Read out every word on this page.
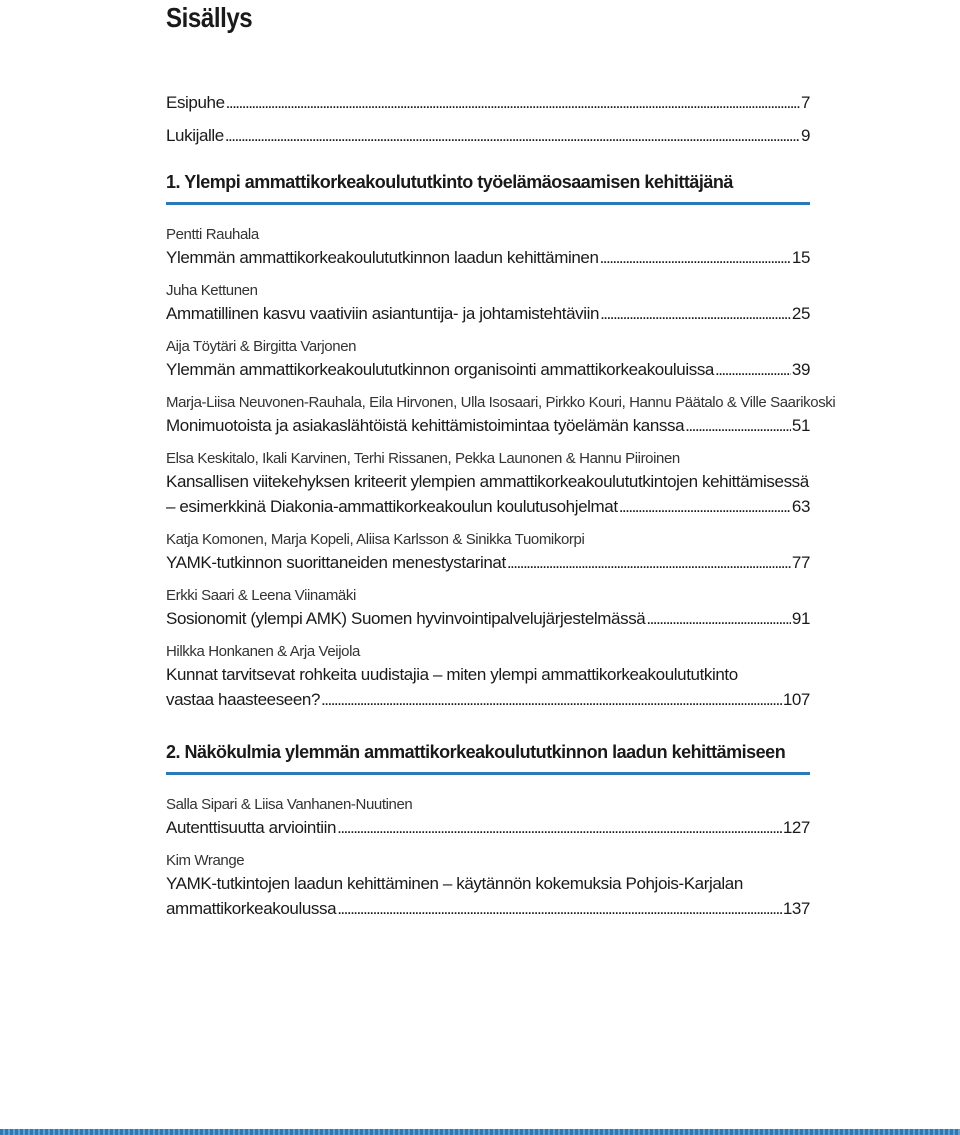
Sisällys
Esipuhe .....	7
Lukijalle .....	9
1. Ylempi ammattikorkeakoulututkinto työelämäosaamisen kehittäjänä
Pentti Rauhala
Ylemmän ammattikorkeakoulututkinnon laadun kehittäminen .....	15
Juha Kettunen
Ammatillinen kasvu vaativiin asiantuntija- ja johtamistehtäviin .....	25
Aija Töytäri & Birgitta Varjonen
Ylemmän ammattikorkeakoulututkinnon organisointi ammattikorkeakouluissa .....	39
Marja-Liisa Neuvonen-Rauhala, Eila Hirvonen, Ulla Isosaari, Pirkko Kouri, Hannu Päätalo & Ville Saarikoski
Monimuotoista ja asiakaslähtöistä kehittämistoimintaa työelämän kanssa .....	51
Elsa Keskitalo, Ikali Karvinen, Terhi Rissanen, Pekka Launonen & Hannu Piiroinen
Kansallisen viitekehyksen kriteerit ylempien ammattikorkeakoulututkintojen kehittämisessä
– esimerkkinä Diakonia-ammattikorkeakoulun koulutusohjelmat .....	63
Katja Komonen, Marja Kopeli, Aliisa Karlsson & Sinikka Tuomikorpi
YAMK-tutkinnon suorittaneiden menestystarinat .....	77
Erkki Saari & Leena Viinamäki
Sosionomit (ylempi AMK) Suomen hyvinvointipalvelujärjestelmässä .....	91
Hilkka Honkanen & Arja Veijola
Kunnat tarvitsevat rohkeita uudistajia – miten ylempi ammattikorkeakoulututkinto
vastaa haasteeseen? .....	107
2. Näkökulmia ylemmän ammattikorkeakoulututkinnon laadun kehittämiseen
Salla Sipari & Liisa Vanhanen-Nuutinen
Autenttisuutta arviointiin .....	127
Kim Wrange
YAMK-tutkintojen laadun kehittäminen – käytännön kokemuksia Pohjois-Karjalan
ammattikorkeakoulussa .....	137
